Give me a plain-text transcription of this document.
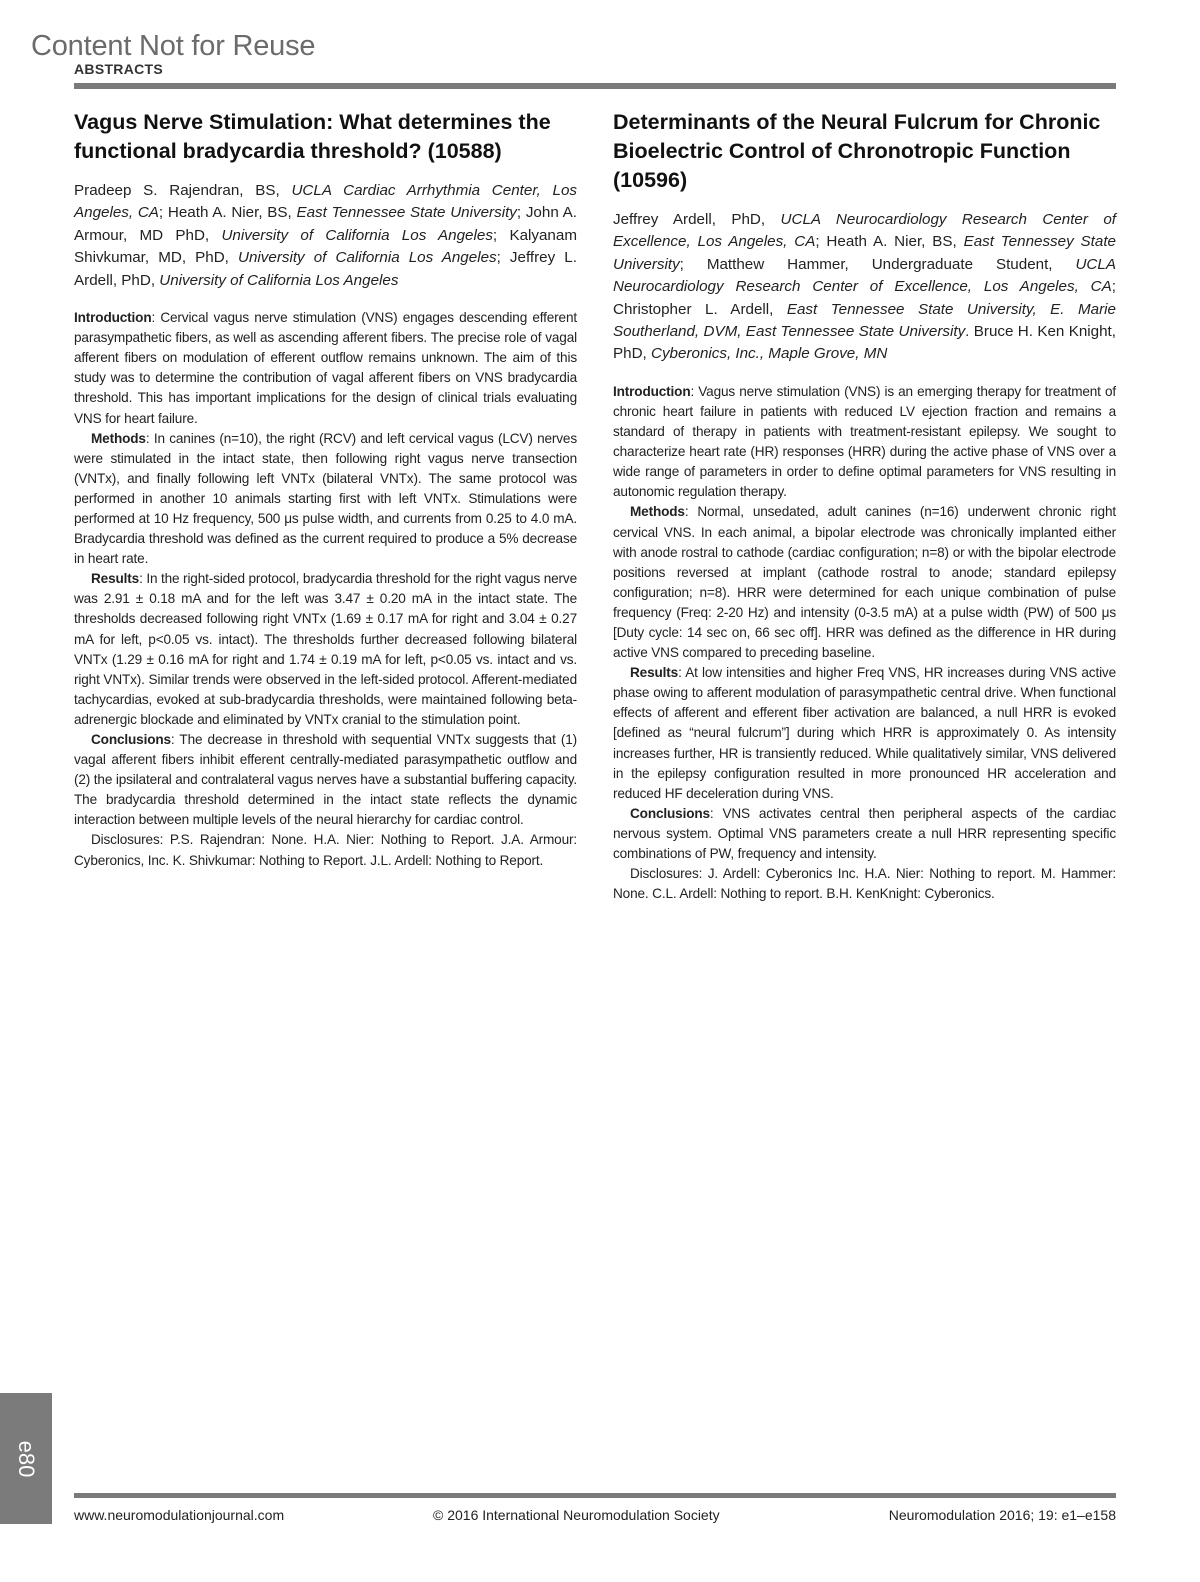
Content Not for Reuse
ABSTRACTS
Vagus Nerve Stimulation: What determines the functional bradycardia threshold? (10588)
Pradeep S. Rajendran, BS, UCLA Cardiac Arrhythmia Center, Los Angeles, CA; Heath A. Nier, BS, East Tennessee State University; John A. Armour, MD PhD, University of California Los Angeles; Kalyanam Shivkumar, MD, PhD, University of California Los Angeles; Jeffrey L. Ardell, PhD, University of California Los Angeles

Introduction: Cervical vagus nerve stimulation (VNS) engages descending efferent parasympathetic fibers, as well as ascending afferent fibers. The precise role of vagal afferent fibers on modulation of efferent outflow remains unknown. The aim of this study was to determine the contribution of vagal afferent fibers on VNS bradycardia threshold. This has important implications for the design of clinical trials evaluating VNS for heart failure.

Methods: In canines (n=10), the right (RCV) and left cervical vagus (LCV) nerves were stimulated in the intact state, then following right vagus nerve transection (VNTx), and finally following left VNTx (bilateral VNTx). The same protocol was performed in another 10 animals starting first with left VNTx. Stimulations were performed at 10 Hz frequency, 500 μs pulse width, and currents from 0.25 to 4.0 mA. Bradycardia threshold was defined as the current required to produce a 5% decrease in heart rate.

Results: In the right-sided protocol, bradycardia threshold for the right vagus nerve was 2.91 ± 0.18 mA and for the left was 3.47 ± 0.20 mA in the intact state. The thresholds decreased following right VNTx (1.69 ± 0.17 mA for right and 3.04 ± 0.27 mA for left, p<0.05 vs. intact). The thresholds further decreased following bilateral VNTx (1.29 ± 0.16 mA for right and 1.74 ± 0.19 mA for left, p<0.05 vs. intact and vs. right VNTx). Similar trends were observed in the left-sided protocol. Afferent-mediated tachycardias, evoked at sub-bradycardia thresholds, were maintained following beta-adrenergic blockade and eliminated by VNTx cranial to the stimulation point.

Conclusions: The decrease in threshold with sequential VNTx suggests that (1) vagal afferent fibers inhibit efferent centrally-mediated parasympathetic outflow and (2) the ipsilateral and contralateral vagus nerves have a substantial buffering capacity. The bradycardia threshold determined in the intact state reflects the dynamic interaction between multiple levels of the neural hierarchy for cardiac control.

Disclosures: P.S. Rajendran: None. H.A. Nier: Nothing to Report. J.A. Armour: Cyberonics, Inc. K. Shivkumar: Nothing to Report. J.L. Ardell: Nothing to Report.

Determinants of the Neural Fulcrum for Chronic Bioelectric Control of Chronotropic Function (10596)
Jeffrey Ardell, PhD, UCLA Neurocardiology Research Center of Excellence, Los Angeles, CA; Heath A. Nier, BS, East Tennessey State University; Matthew Hammer, Undergraduate Student, UCLA Neurocardiology Research Center of Excellence, Los Angeles, CA; Christopher L. Ardell, East Tennessee State University, E. Marie Southerland, DVM, East Tennessee State University. Bruce H. Ken Knight, PhD, Cyberonics, Inc., Maple Grove, MN

Introduction: Vagus nerve stimulation (VNS) is an emerging therapy for treatment of chronic heart failure in patients with reduced LV ejection fraction and remains a standard of therapy in patients with treatment-resistant epilepsy. We sought to characterize heart rate (HR) responses (HRR) during the active phase of VNS over a wide range of parameters in order to define optimal parameters for VNS resulting in autonomic regulation therapy.

Methods: Normal, unsedated, adult canines (n=16) underwent chronic right cervical VNS. In each animal, a bipolar electrode was chronically implanted either with anode rostral to cathode (cardiac configuration; n=8) or with the bipolar electrode positions reversed at implant (cathode rostral to anode; standard epilepsy configuration; n=8). HRR were determined for each unique combination of pulse frequency (Freq: 2-20 Hz) and intensity (0-3.5 mA) at a pulse width (PW) of 500 μs [Duty cycle: 14 sec on, 66 sec off]. HRR was defined as the difference in HR during active VNS compared to preceding baseline.

Results: At low intensities and higher Freq VNS, HR increases during VNS active phase owing to afferent modulation of parasympathetic central drive. When functional effects of afferent and efferent fiber activation are balanced, a null HRR is evoked [defined as “neural fulcrum”] during which HRR is approximately 0. As intensity increases further, HR is transiently reduced. While qualitatively similar, VNS delivered in the epilepsy configuration resulted in more pronounced HR acceleration and reduced HF deceleration during VNS.

Conclusions: VNS activates central then peripheral aspects of the cardiac nervous system. Optimal VNS parameters create a null HRR representing specific combinations of PW, frequency and intensity.

Disclosures: J. Ardell: Cyberonics Inc. H.A. Nier: Nothing to report. M. Hammer: None. C.L. Ardell: Nothing to report. B.H. KenKnight: Cyberonics.

e80
www.neuromodulationjournal.com	© 2016 International Neuromodulation Society	Neuromodulation 2016; 19: e1–e158
